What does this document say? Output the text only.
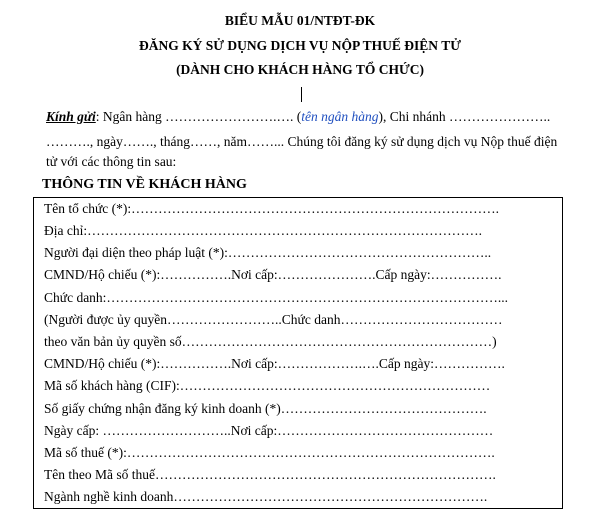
BIỂU MẪU 01/NTĐT-ĐK
ĐĂNG KÝ SỬ DỤNG DỊCH VỤ NỘP THUẾ ĐIỆN TỬ
(DÀNH CHO KHÁCH HÀNG TỔ CHỨC)
Kính gửi: Ngân hàng …………………….…. (tên ngân hàng), Chi nhánh …………………..
………., ngày……., tháng……, năm……... Chúng tôi đăng ký sử dụng dịch vụ Nộp thuế điện
tử với các thông tin sau:
THÔNG TIN VỀ KHÁCH HÀNG
Tên tổ chức (*):……………………………………………………………………….
Địa chỉ:…………………………………………………………………………….
Người đại diện theo pháp luật (*):…………………………………………………..
CMND/Hộ chiếu (*):…………….Nơi cấp:………………….Cấp ngày:…………….
Chức danh:……………………………………………………………………………...
(Người được ủy quyền……………………..Chức danh………………………………
theo văn bản ủy quyền số……………………………………………………………)
CMND/Hộ chiếu (*):…………….Nơi cấp:……………….….Cấp ngày:…………….
Mã số khách hàng (CIF):……………………………………………………………
Số giấy chứng nhận đăng ký kinh doanh (*)……………………………………….
Ngày cấp: ………………………..Nơi cấp:…………………………………………
Mã số thuế (*):……………………………………………………………………….
Tên theo Mã số thuế………………………………………………………………….
Ngành nghề kinh doanh…………………………………………………………….
